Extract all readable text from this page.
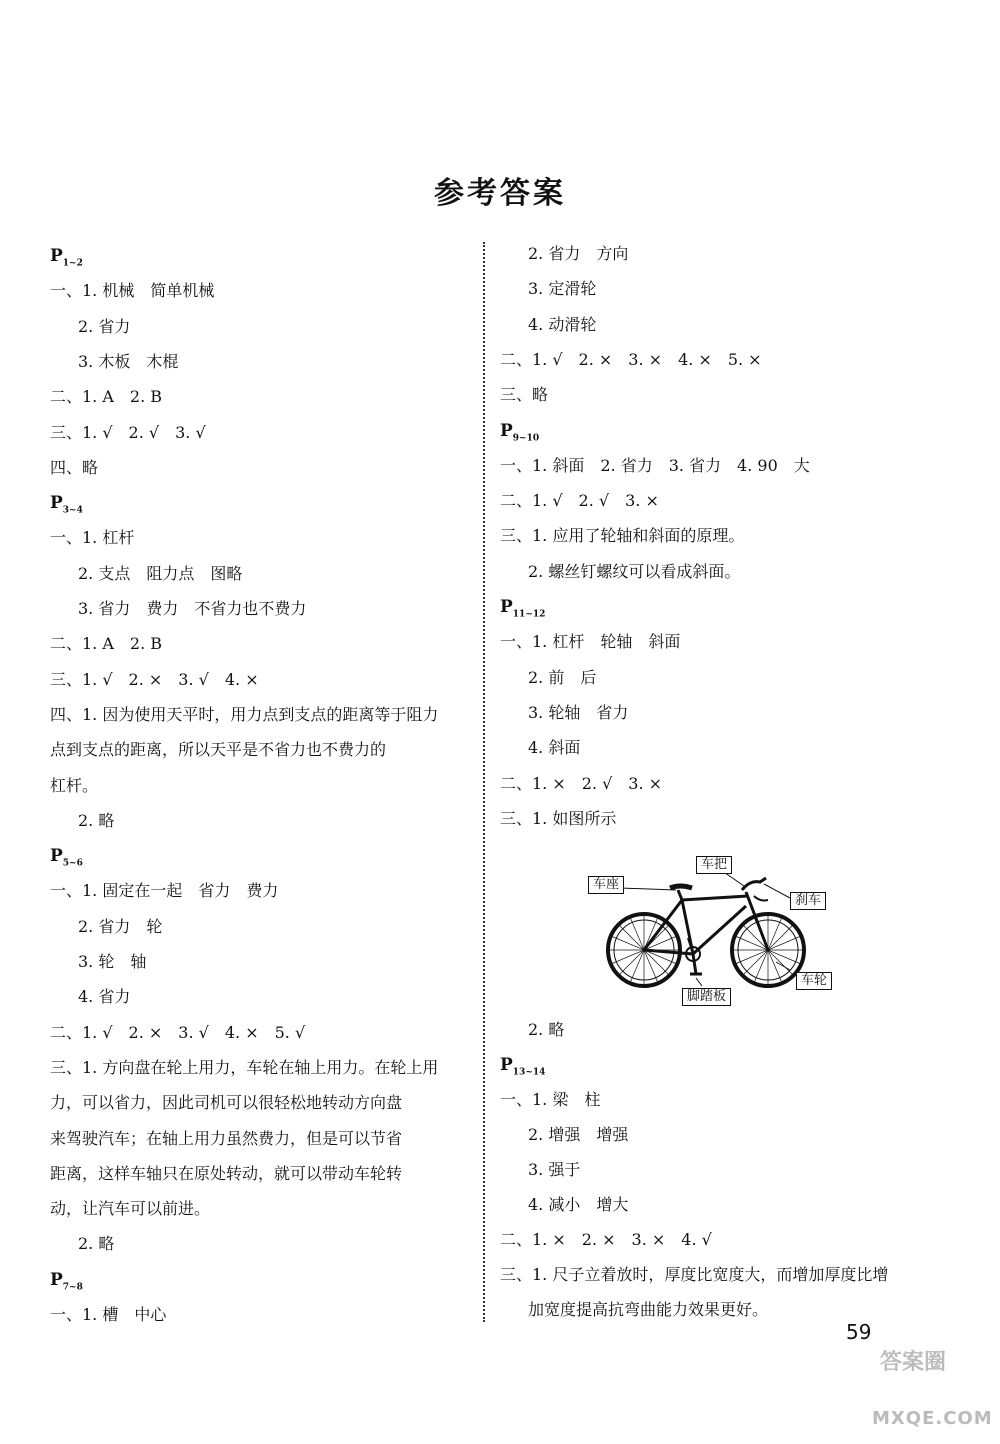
参考答案
$P_{1\sim 2}$
一、1. 机械　简单机械
2. 省力
3. 木板　木棍
二、1. A　2. B
三、1. √　2. √　3. √
四、略
$P_{3\sim 4}$
一、1. 杠杆
2. 支点　阻力点　图略
3. 省力　费力　不省力也不费力
二、1. A　2. B
三、1. √　2. ×　3. √　4. ×
四、1. 因为使用天平时，用力点到支点的距离等于阻力
点到支点的距离，所以天平是不省力也不费力的
杠杆。
2. 略
$P_{5\sim 6}$
一、1. 固定在一起　省力　费力
2. 省力　轮
3. 轮　轴
4. 省力
二、1. √　2. ×　3. √　4. ×　5. √
三、1. 方向盘在轮上用力，车轮在轴上用力。在轮上用
力，可以省力，因此司机可以很轻松地转动方向盘
来驾驶汽车；在轴上用力虽然费力，但是可以节省
距离，这样车轴只在原处转动，就可以带动车轮转
动，让汽车可以前进。
2. 略
$P_{7\sim 8}$
一、1. 槽　中心
2. 省力　方向
3. 定滑轮
4. 动滑轮
二、1. √　2. ×　3. ×　4. ×　5. ×
三、略
$P_{9\sim 10}$
一、1. 斜面　2. 省力　3. 省力　4. 90　大
二、1. √　2. √　3. ×
三、1. 应用了轮轴和斜面的原理。
2. 螺丝钉螺纹可以看成斜面。
$P_{11\sim 12}$
一、1. 杠杆　轮轴　斜面
2. 前　后
3. 轮轴　省力
4. 斜面
二、1. ×　2. √　3. ×
三、1. 如图所示
2. 略
$P_{13\sim 14}$
一、1. 梁　柱
2. 增强　增强
3. 强于
4. 减小　增大
二、1. ×　2. ×　3. ×　4. √
三、1. 尺子立着放时，厚度比宽度大，而增加厚度比增
加宽度提高抗弯曲能力效果更好。
车座
车把
刹车
车轮
脚踏板
59
答案圈
MXQE.COM
